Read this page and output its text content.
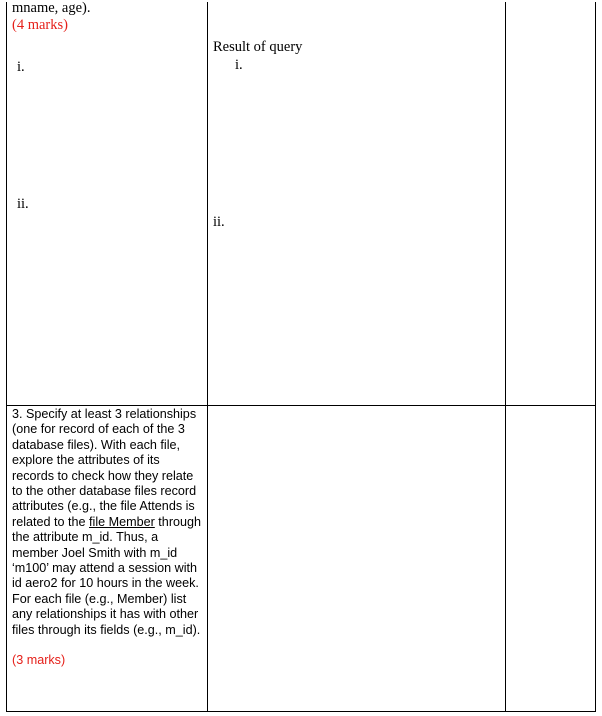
mname, age).

(4 marks)

i.

ii.

Result of query

i.

ii.

3. Specify at least 3 relationships (one for record of each of the 3 database files). With each file, explore the attributes of its records to check how they relate to the other database files record attributes (e.g., the file Attends is related to the file Member through the attribute m_id. Thus, a member Joel Smith with m_id ‘m100’ may attend a session with id aero2 for 10 hours in the week. For each file (e.g., Member) list any relationships it has with other files through its fields (e.g., m_id).

(3 marks)
